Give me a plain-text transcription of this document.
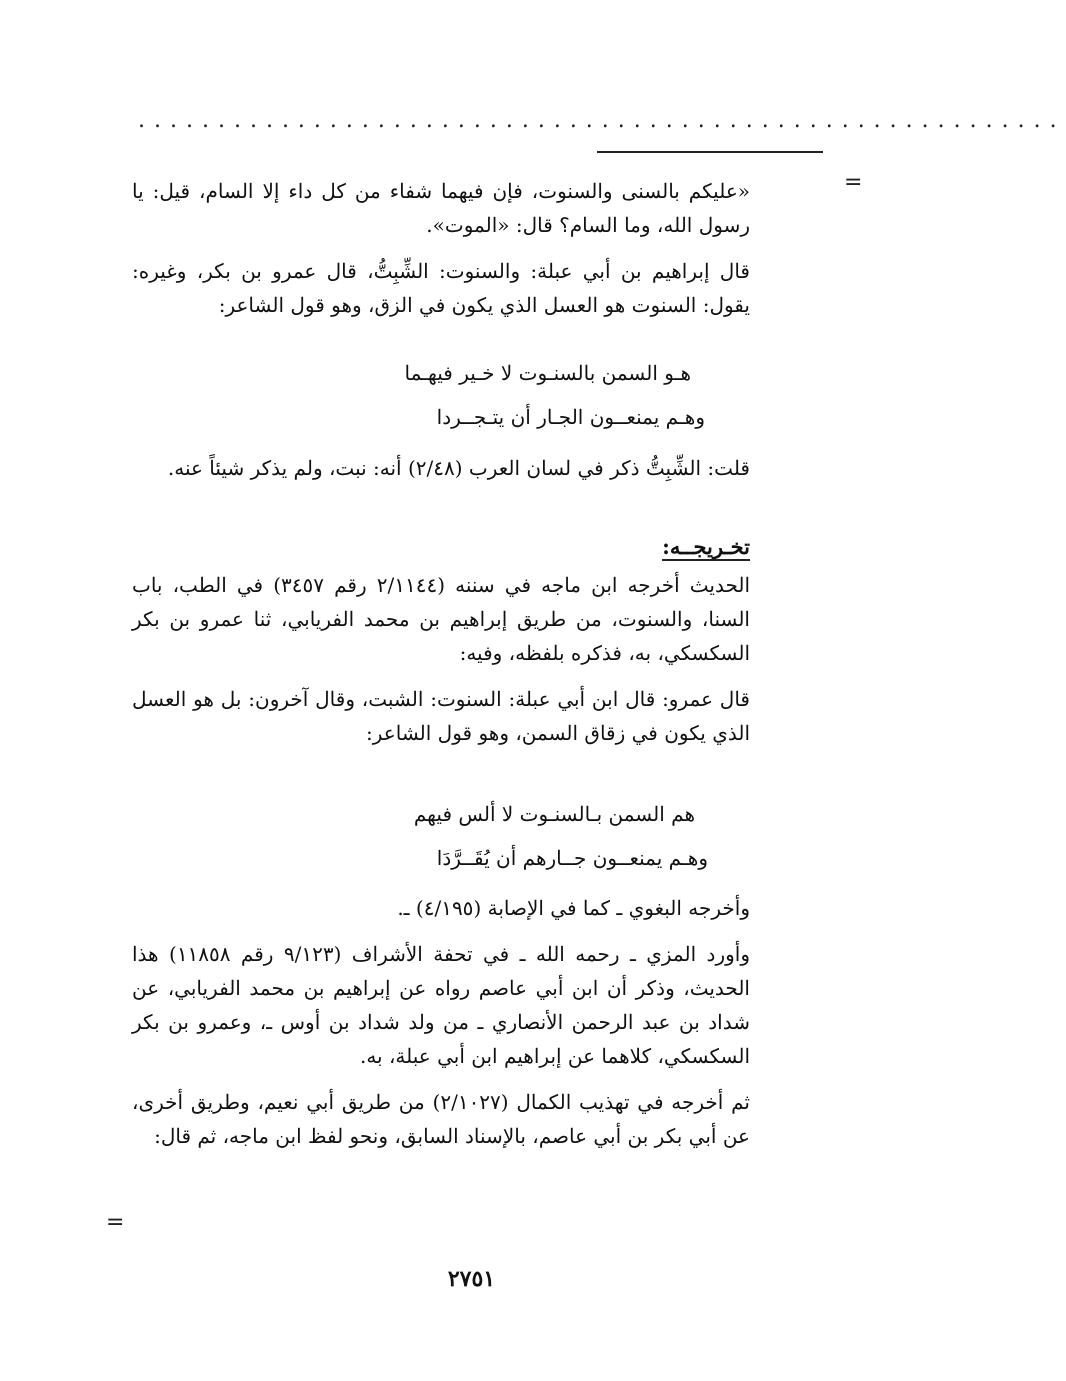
..........................................................
=

«عليكم بالسنى والسنوت، فإن فيهما شفاء من كل داء إلا السام، قيل: يا رسول الله، وما السام؟ قال: «الموت».

قال إبراهيم بن أبي عبلة: والسنوت: الشِّبِتُّ، قال عمرو بن بكر، وغيره: يقول: السنوت هو العسل الذي يكون في الزق، وهو قول الشاعر:

هـو السمن بالسنـوت لا خـير فيهـما
وهـم يمنعــون الجـار أن يتـجــردا

قلت: الشِّبِتُّ ذكر في لسان العرب (٢/٤٨) أنه: نبت، ولم يذكر شيئاً عنه.

تخـريجــه:

الحديث أخرجه ابن ماجه في سننه (٢/١١٤٤ رقم ٣٤٥٧) في الطب، باب السنا، والسنوت، من طريق إبراهيم بن محمد الفريابي، ثنا عمرو بن بكر السكسكي، به، فذكره بلفظه، وفيه:

قال عمرو: قال ابن أبي عبلة: السنوت: الشبت، وقال آخرون: بل هو العسل الذي يكون في زقاق السمن، وهو قول الشاعر:

هم السمن بـالسنـوت لا ألس فيهم
وهـم يمنعــون جــارهم أن يُقَــرَّدَا

وأخرجه البغوي ـ كما في الإصابة (٤/١٩٥) ـ.

وأورد المزي ـ رحمه الله ـ في تحفة الأشراف (٩/١٢٣ رقم ١١٨٥٨) هذا الحديث، وذكر أن ابن أبي عاصم رواه عن إبراهيم بن محمد الفريابي، عن شداد بن عبد الرحمن الأنصاري ـ من ولد شداد بن أوس ـ، وعمرو بن بكر السكسكي، كلاهما عن إبراهيم ابن أبي عبلة، به.

ثم أخرجه في تهذيب الكمال (٢/١٠٢٧) من طريق أبي نعيم، وطريق أخرى، عن أبي بكر بن أبي عاصم، بالإسناد السابق، ونحو لفظ ابن ماجه، ثم قال:

=
٢٧٥١
